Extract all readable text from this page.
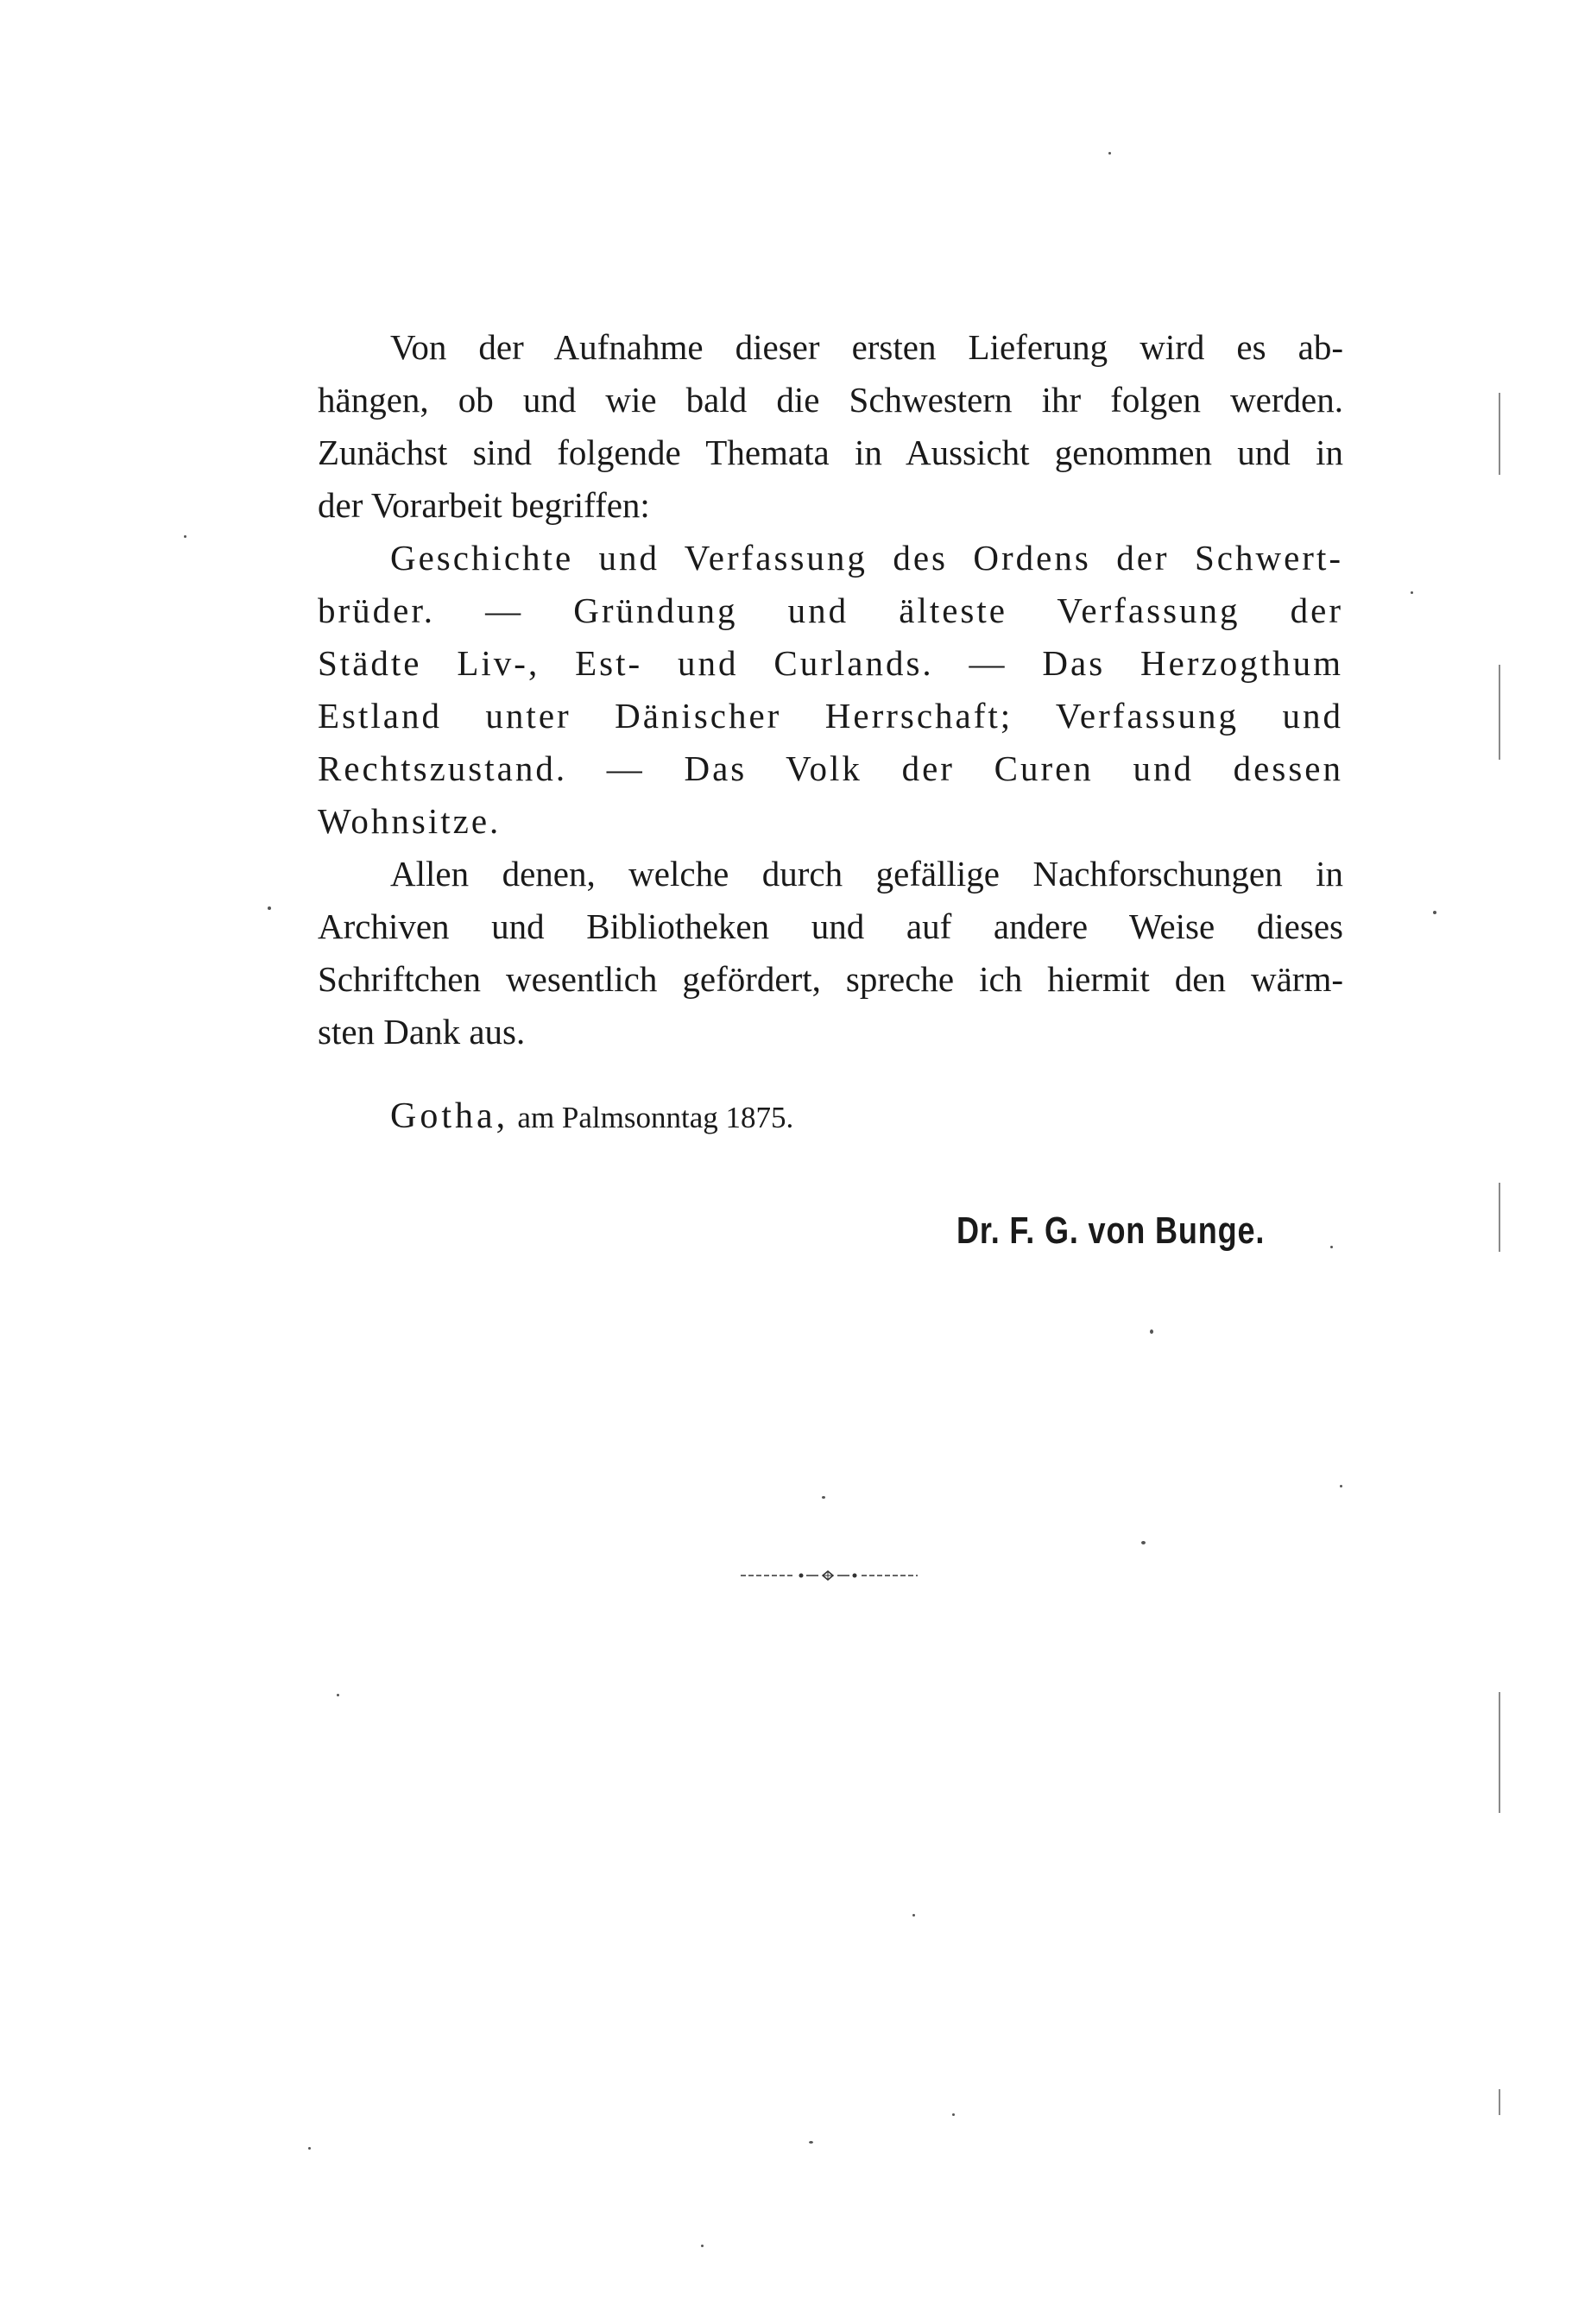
Von der Aufnahme dieser ersten Lieferung wird es ab-
hängen, ob und wie bald die Schwestern ihr folgen werden.
Zunächst sind folgende Themata in Aussicht genommen und in
der Vorarbeit begriffen:

Geschichte und Verfassung des Ordens der Schwert-
brüder. — Gründung und älteste Verfassung der
Städte Liv-, Est- und Curlands. — Das Herzogthum
Estland unter Dänischer Herrschaft; Verfassung und
Rechtszustand. — Das Volk der Curen und dessen
Wohnsitze.

Allen denen, welche durch gefällige Nachforschungen in
Archiven und Bibliotheken und auf andere Weise dieses
Schriftchen wesentlich gefördert, spreche ich hiermit den wärm-
sten Dank aus.

Gotha, am Palmsonntag 1875.
Dr. F. G. von Bunge.
